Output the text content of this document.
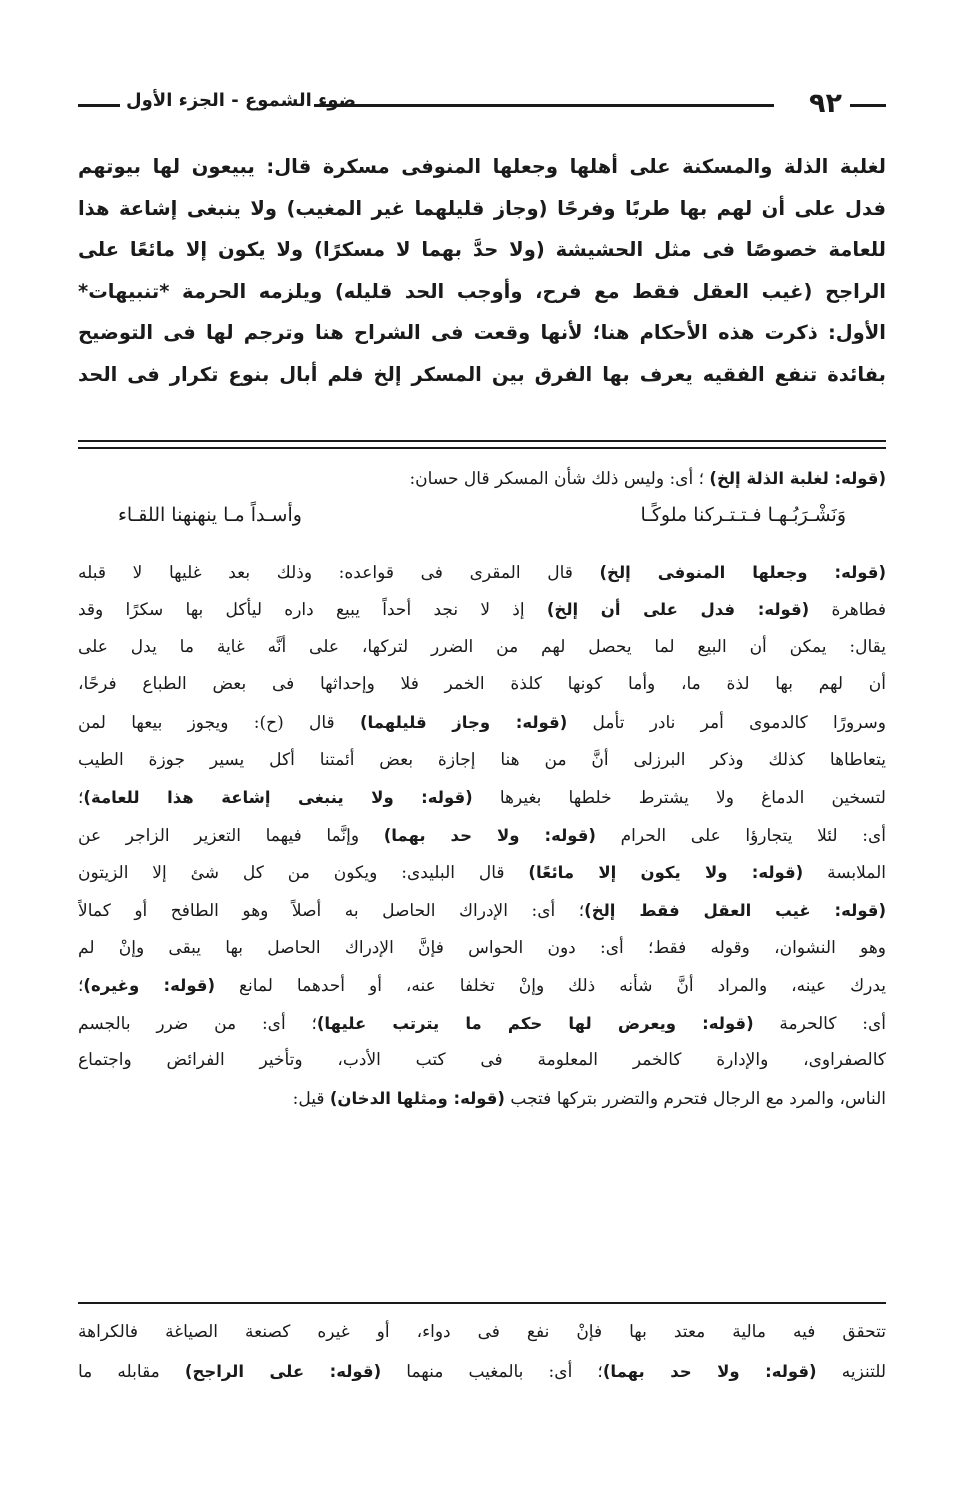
٩٢
ضوء الشموع - الجزء الأول
لغلبة الذلة والمسكنة على أهلها وجعلها المنوفى مسكرة قال: يبيعون لها بيوتهم
فدل على أن لهم بها طربًا وفرحًا (وجاز قليلهما غير المغيب) ولا ينبغى إشاعة هذا
للعامة خصوصًا فى مثل الحشيشة (ولا حدَّ بهما لا مسكرًا) ولا يكون إلا مائعًا على
الراجح (غيب العقل فقط مع فرح، وأوجب الحد قليله) ويلزمه الحرمة *تنبيهات*
الأول: ذكرت هذه الأحكام هنا؛ لأنها وقعت فى الشراح هنا وترجم لها فى التوضيح
بفائدة تنفع الفقيه يعرف بها الفرق بين المسكر إلخ فلم أبال بنوع تكرار فى الحد
(قوله: لغلبة الذلة إلخ) ؛ أى: وليس ذلك شأن المسكر قال حسان:
وَنَشْـرَبُـهـا فـتـتـركنا ملوكًـا
وأسـداً مـا ينهنهنا اللقـاء
(قوله: وجعلها المنوفى إلخ) قال المقرى فى قواعده: وذلك بعد غليها لا قبله
فطاهرة (قوله: فدل على أن إلخ) إذ لا نجد أحداً يبيع داره ليأكل بها سكرًا وقد
يقال: يمكن أن البيع لما يحصل لهم من الضرر لتركها، على أنَّه غاية ما يدل على
أن لهم بها لذة ما، وأما كونها كلذة الخمر فلا وإحداثها فى بعض الطباع فرحًا،
وسرورًا كالدموى أمر نادر تأمل (قوله: وجاز قليلهما) قال (ح): ويجوز بيعها لمن
يتعاطاها كذلك وذكر البرزلى أنَّ من هنا إجازة بعض أئمتنا أكل يسير جوزة الطيب
لتسخين الدماغ ولا يشترط خلطها بغيرها (قوله: ولا ينبغى إشاعة هذا للعامة)؛
أى: لئلا يتجارؤا على الحرام (قوله: ولا حد بهما) وإنَّما فيهما التعزير الزاجر عن
الملابسة (قوله: ولا يكون إلا مائعًا) قال البليدى: ويكون من كل شئ إلا الزيتون
(قوله: غيب العقل فقط إلخ)؛ أى: الإدراك الحاصل به أصلاً وهو الطافح أو كمالاً
وهو النشوان، وقوله فقط؛ أى: دون الحواس فإنَّ الإدراك الحاصل بها يبقى وإنْ لم
يدرك عينه، والمراد أنَّ شأنه ذلك وإنْ تخلفا عنه، أو أحدهما لمانع (قوله: وغيره)؛
أى: كالحرمة (قوله: ويعرض لها حكم ما يترتب عليها)؛ أى: من ضرر بالجسم
كالصفراوى، والإدارة كالخمر المعلومة فى كتب الأدب، وتأخير الفرائض واجتماع
الناس، والمرد مع الرجال فتحرم والتضرر بتركها فتجب (قوله: ومثلها الدخان) قيل:
تتحقق فيه مالية معتد بها فإنْ نفع فى دواء، أو غيره كصنعة الصياغة فالكراهة
للتنزيه (قوله: ولا حد بهما)؛ أى: بالمغيب منهما (قوله: على الراجح) مقابله ما
